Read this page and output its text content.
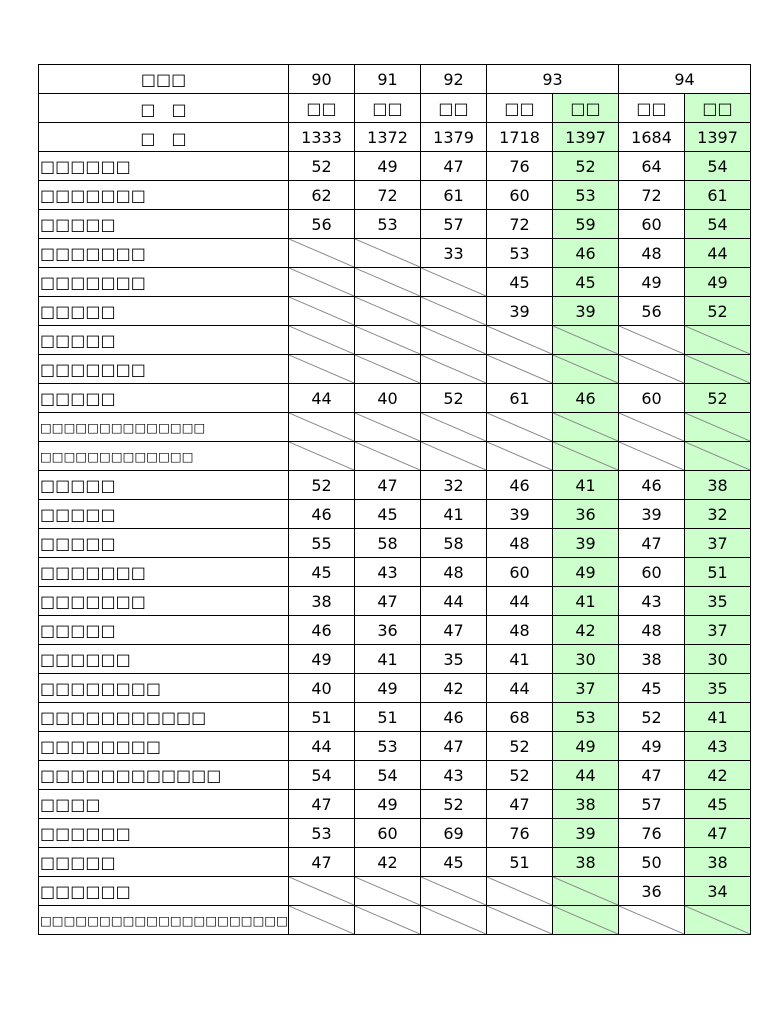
□□□	90	91	92	93		94	
□　□	□□	□□	□□	□□	□□	□□	□□
□　□	1333	1372	1379	1718	1397	1684	1397
□□□□□□	52	49	47	76	52	64	54
□□□□□□□	62	72	61	60	53	72	61
□□□□□	56	53	57	72	59	60	54
□□□□□□□			33	53	46	48	44
□□□□□□□				45	45	49	49
□□□□□				39	39	56	52
□□□□□	

□□□□□□□	

□□□□□	44	40	52	61	46	60	52
□□□□□□□□□□□□□□	

□□□□□□□□□□□□□	

□□□□□	52	47	32	46	41	46	38
□□□□□	46	45	41	39	36	39	32
□□□□□	55	58	58	48	39	47	37
□□□□□□□	45	43	48	60	49	60	51
□□□□□□□	38	47	44	44	41	43	35
□□□□□	46	36	47	48	42	48	37
□□□□□□	49	41	35	41	30	38	30
□□□□□□□□	40	49	42	44	37	45	35
□□□□□□□□□□□	51	51	46	68	53	52	41
□□□□□□□□	44	53	47	52	49	49	43
□□□□□□□□□□□□	54	54	43	52	44	47	42
□□□□	47	49	52	47	38	57	45
□□□□□□	53	60	69	76	39	76	47
□□□□□	47	42	45	51	38	50	38
□□□□□□						36	34
□□□□□□□□□□□□□□□□□□□□□	
